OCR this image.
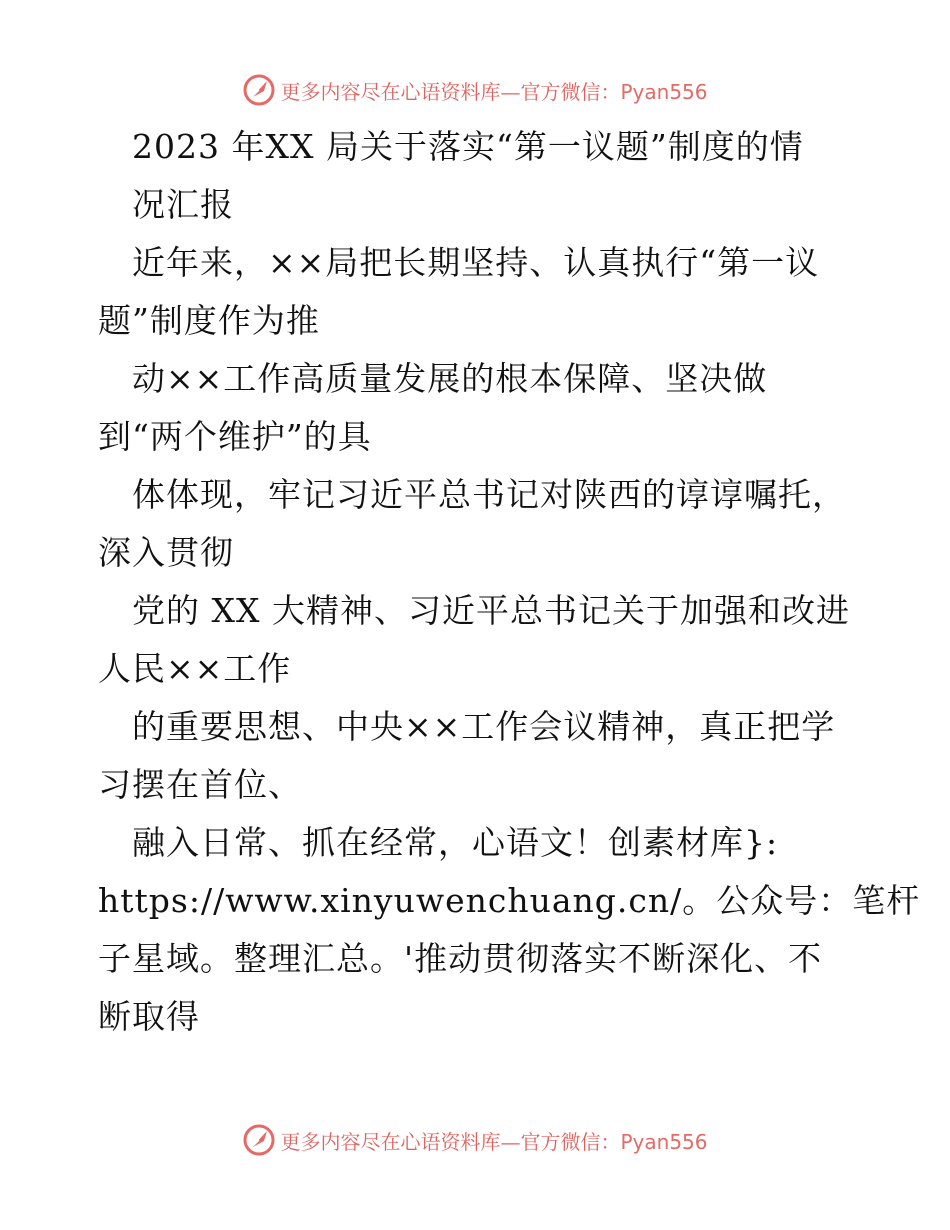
更多内容尽在心语资料库—官方微信：Pyan556
　2023 年XX 局关于落实“第一议题”制度的情
　况汇报
　近年来，××局把长期坚持、认真执行“第一议
题”制度作为推
　动××工作高质量发展的根本保障、坚决做
到“两个维护”的具
　体体现，牢记习近平总书记对陕西的谆谆嘱托，
深入贯彻
　党的 XX 大精神、习近平总书记关于加强和改进
人民××工作
　的重要思想、中央××工作会议精神，真正把学
习摆在首位、
　融入日常、抓在经常，心语文！创素材库}:
https://www.xinyuwenchuang.cn/。公众号：笔杆
子星域。整理汇总。'推动贯彻落实不断深化、不
断取得
更多内容尽在心语资料库—官方微信：Pyan556
